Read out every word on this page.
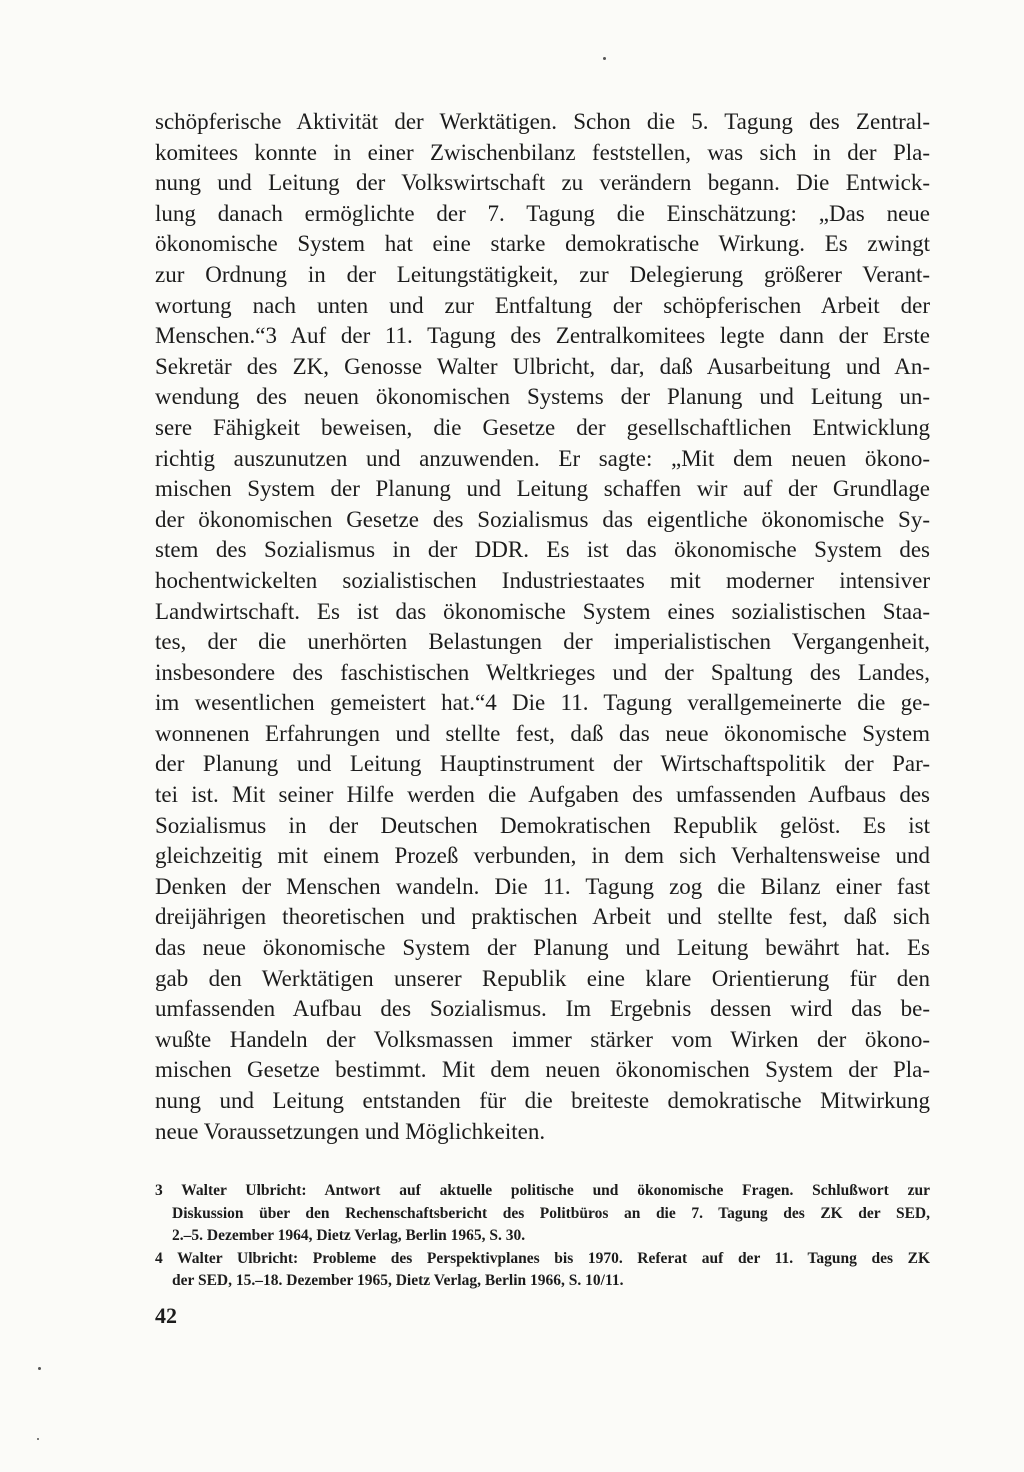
schöpferische Aktivität der Werktätigen. Schon die 5. Tagung des Zentral-
komitees konnte in einer Zwischenbilanz feststellen, was sich in der Pla-
nung und Leitung der Volkswirtschaft zu verändern begann. Die Entwick-
lung danach ermöglichte der 7. Tagung die Einschätzung: „Das neue
ökonomische System hat eine starke demokratische Wirkung. Es zwingt
zur Ordnung in der Leitungstätigkeit, zur Delegierung größerer Verant-
wortung nach unten und zur Entfaltung der schöpferischen Arbeit der
Menschen.“3 Auf der 11. Tagung des Zentralkomitees legte dann der Erste
Sekretär des ZK, Genosse Walter Ulbricht, dar, daß Ausarbeitung und An-
wendung des neuen ökonomischen Systems der Planung und Leitung un-
sere Fähigkeit beweisen, die Gesetze der gesellschaftlichen Entwicklung
richtig auszunutzen und anzuwenden. Er sagte: „Mit dem neuen ökono-
mischen System der Planung und Leitung schaffen wir auf der Grundlage
der ökonomischen Gesetze des Sozialismus das eigentliche ökonomische Sy-
stem des Sozialismus in der DDR. Es ist das ökonomische System des
hochentwickelten sozialistischen Industriestaates mit moderner intensiver
Landwirtschaft. Es ist das ökonomische System eines sozialistischen Staa-
tes, der die unerhörten Belastungen der imperialistischen Vergangenheit,
insbesondere des faschistischen Weltkrieges und der Spaltung des Landes,
im wesentlichen gemeistert hat.“4 Die 11. Tagung verallgemeinerte die ge-
wonnenen Erfahrungen und stellte fest, daß das neue ökonomische System
der Planung und Leitung Hauptinstrument der Wirtschaftspolitik der Par-
tei ist. Mit seiner Hilfe werden die Aufgaben des umfassenden Aufbaus des
Sozialismus in der Deutschen Demokratischen Republik gelöst. Es ist
gleichzeitig mit einem Prozeß verbunden, in dem sich Verhaltensweise und
Denken der Menschen wandeln. Die 11. Tagung zog die Bilanz einer fast
dreijährigen theoretischen und praktischen Arbeit und stellte fest, daß sich
das neue ökonomische System der Planung und Leitung bewährt hat. Es
gab den Werktätigen unserer Republik eine klare Orientierung für den
umfassenden Aufbau des Sozialismus. Im Ergebnis dessen wird das be-
wußte Handeln der Volksmassen immer stärker vom Wirken der ökono-
mischen Gesetze bestimmt. Mit dem neuen ökonomischen System der Pla-
nung und Leitung entstanden für die breiteste demokratische Mitwirkung
neue Voraussetzungen und Möglichkeiten.
3 Walter Ulbricht: Antwort auf aktuelle politische und ökonomische Fragen. Schlußwort zur
Diskussion über den Rechenschaftsbericht des Politbüros an die 7. Tagung des ZK der SED,
2.–5. Dezember 1964, Dietz Verlag, Berlin 1965, S. 30.
4 Walter Ulbricht: Probleme des Perspektivplanes bis 1970. Referat auf der 11. Tagung des ZK
der SED, 15.–18. Dezember 1965, Dietz Verlag, Berlin 1966, S. 10/11.
42
